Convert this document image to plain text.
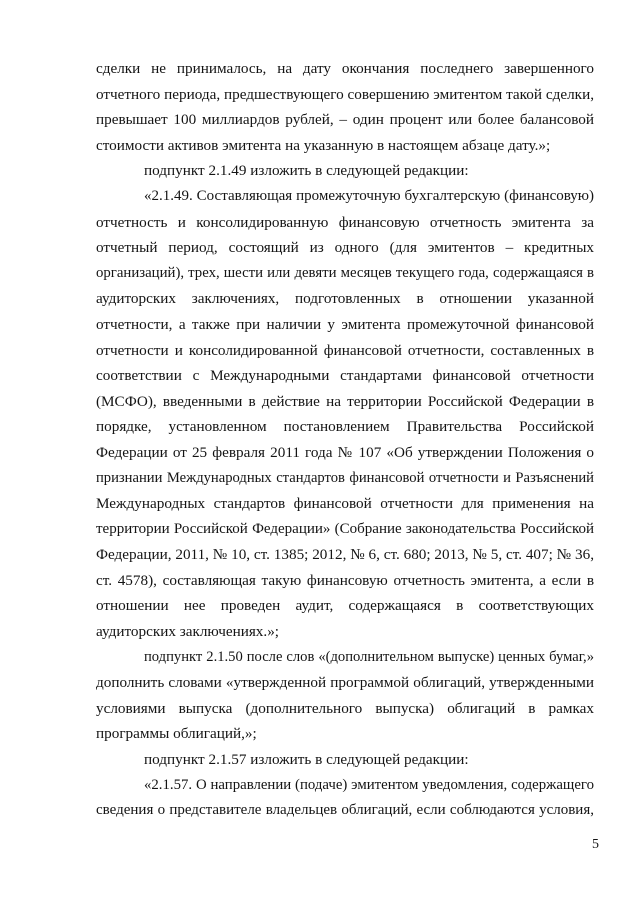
сделки не принималось, на дату окончания последнего завершенного
отчетного периода, предшествующего совершению эмитентом такой сделки,
превышает 100 миллиардов рублей, – один процент или более балансовой
стоимости активов эмитента на указанную в настоящем абзаце дату.»;
подпункт 2.1.49 изложить в следующей редакции:
«2.1.49. Составляющая промежуточную бухгалтерскую (финансовую)
отчетность и консолидированную финансовую отчетность эмитента за
отчетный период, состоящий из одного (для эмитентов – кредитных
организаций), трех, шести или девяти месяцев текущего года, содержащаяся в
аудиторских заключениях, подготовленных в отношении указанной
отчетности, а также при наличии у эмитента промежуточной финансовой
отчетности и консолидированной финансовой отчетности, составленных в
соответствии с Международными стандартами финансовой отчетности
(МСФО), введенными в действие на территории Российской Федерации в
порядке, установленном постановлением Правительства Российской
Федерации от 25 февраля 2011 года № 107 «Об утверждении Положения о
признании Международных стандартов финансовой отчетности и Разъяснений
Международных стандартов финансовой отчетности для применения на
территории Российской Федерации» (Собрание законодательства Российской
Федерации, 2011, № 10, ст. 1385; 2012, № 6, ст. 680; 2013, № 5, ст. 407; № 36,
ст. 4578), составляющая такую финансовую отчетность эмитента, а если в
отношении нее проведен аудит, содержащаяся в соответствующих
аудиторских заключениях.»;
подпункт 2.1.50 после слов «(дополнительном выпуске) ценных бумаг,»
дополнить словами «утвержденной программой облигаций, утвержденными
условиями выпуска (дополнительного выпуска) облигаций в рамках
программы облигаций,»;
подпункт 2.1.57 изложить в следующей редакции:
«2.1.57. О направлении (подаче) эмитентом уведомления, содержащего
сведения о представителе владельцев облигаций, если соблюдаются условия,
5
